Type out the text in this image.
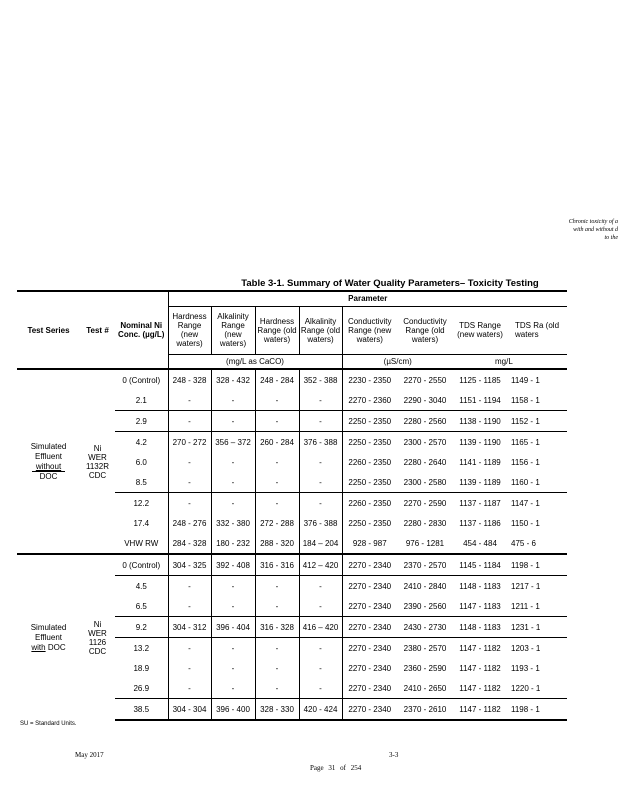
Chronic toxicity of a
with and without d
to the
Table 3-1. Summary of Water Quality Parameters– Toxicity Testing
Test Series	Test #	Nominal Ni Conc. (µg/L)	Parameter							
			Hardness Range (new waters)	Alkalinity Range (new waters)	Hardness Range (old waters)	Alkalinity Range (old waters)	Conductivity Range (new waters)	Conductivity Range (old waters)	TDS Range (new waters)	TDS Ra (old waters
			(mg/L as CaCO)				(µS/cm)		mg/L	
Simulated Effluent
without
DOC	Ni WER 1132R CDC	0 (Control)	248 - 328	328 - 432	248 - 284	352 - 388	2230 - 2350	2270 - 2550	1125 - 1185	1149 - 1
		2.1	-	-	-	-	2270 - 2360	2290 - 3040	1151 - 1194	1158 - 1
		2.9	-	-	-	-	2250 - 2350	2280 - 2560	1138 - 1190	1152 - 1
		4.2	270 - 272	356 – 372	260 - 284	376 - 388	2250 - 2350	2300 - 2570	1139 - 1190	1165 - 1
		6.0	-	-	-	-	2260 - 2350	2280 - 2640	1141 - 1189	1156 - 1
		8.5	-	-	-	-	2250 - 2350	2300 - 2580	1139 - 1189	1160 - 1
		12.2	-	-	-	-	2260 - 2350	2270 - 2590	1137 - 1187	1147 - 1
		17.4	248 - 276	332 - 380	272 - 288	376 - 388	2250 - 2350	2280 - 2830	1137 - 1186	1150 - 1
		VHW RW	284 - 328	180 - 232	288 - 320	184 – 204	928 - 987	976 - 1281	454 - 484	475 - 6
Simulated Effluent
with DOC	Ni WER 1126 CDC	0 (Control)	304 - 325	392 - 408	316 - 316	412 – 420	2270 - 2340	2370 - 2570	1145 - 1184	1198 - 1
		4.5	-	-	-	-	2270 - 2340	2410 - 2840	1148 - 1183	1217 - 1
		6.5	-	-	-	-	2270 - 2340	2390 - 2560	1147 - 1183	1211 - 1
		9.2	304 - 312	396 - 404	316 - 328	416 – 420	2270 - 2340	2430 - 2730	1148 - 1183	1231 - 1
		13.2	-	-	-	-	2270 - 2340	2380 - 2570	1147 - 1182	1203 - 1
		18.9	-	-	-	-	2270 - 2340	2360 - 2590	1147 - 1182	1193 - 1
		26.9	-	-	-	-	2270 - 2340	2410 - 2650	1147 - 1182	1220 - 1
		38.5	304 - 304	396 - 400	328 - 330	420 - 424	2270 - 2340	2370 - 2610	1147 - 1182	1198 - 1
SU = Standard Units.
May 2017	3-3
Page 31 of 254
